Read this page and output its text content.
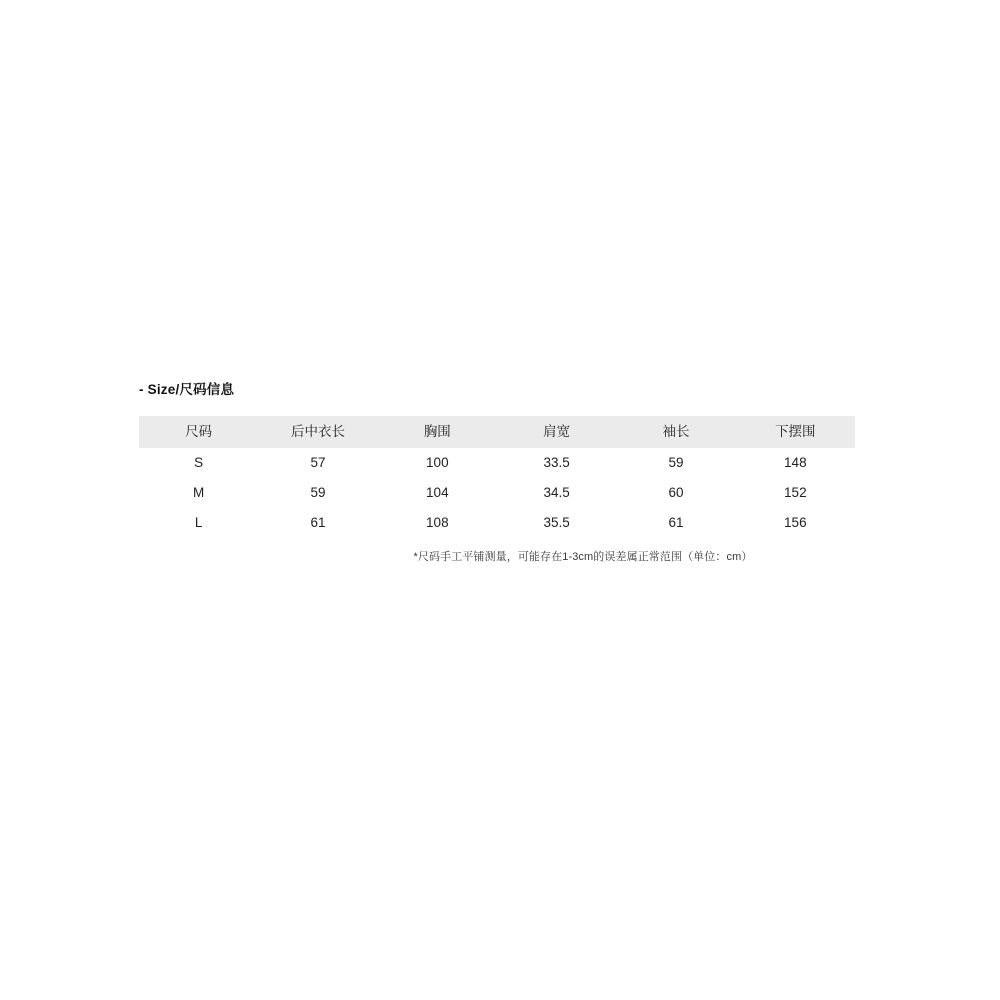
- Size/尺码信息
尺码	后中衣长	胸围	肩宽	袖长	下摆围
S	57	100	33.5	59	148
M	59	104	34.5	60	152
L	61	108	35.5	61	156
*尺码手工平铺测量，可能存在1-3cm的误差属正常范围（单位：cm）
